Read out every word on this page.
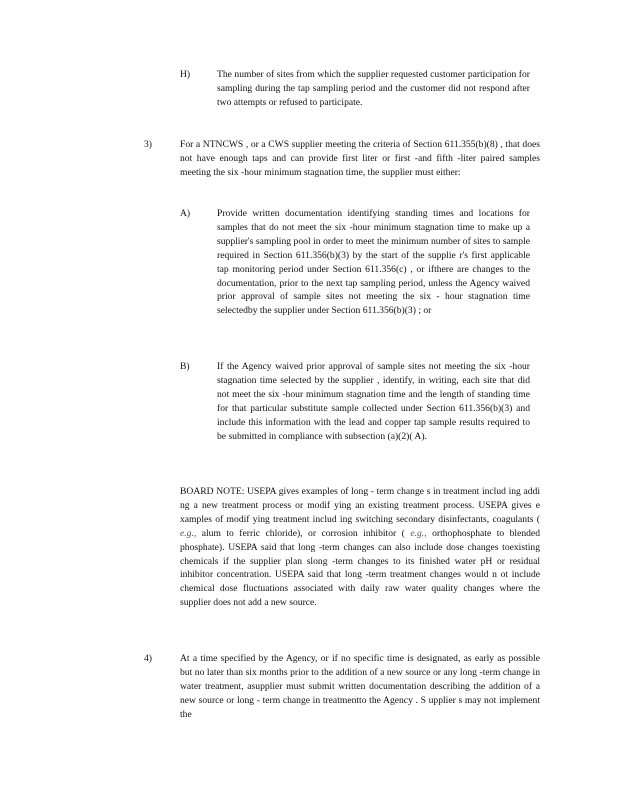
H)	The number of sites from which the supplier requested customer participation for sampling during the tap sampling period and the customer did not respond after two attempts or refused to participate.
3)	For a NTNCWS , or a CWS supplier meeting the criteria of Section 611.355(b)(8) , that does not have enough taps and can provide first liter or first -and fifth -liter paired samples meeting the six -hour minimum stagnation time, the supplier must either:
A)	Provide written documentation identifying standing times and locations for samples that do not meet the six -hour minimum stagnation time to make up a supplier's sampling pool in order to meet the minimum number of sites to sample required in Section 611.356(b)(3) by the start of the supplie r's first applicable tap monitoring period under Section 611.356(c) , or ifthere are changes to the documentation, prior to the next tap sampling period, unless the Agency waived prior approval of sample sites not meeting the six - hour stagnation time selectedby the supplier under Section 611.356(b)(3) ; or
B)	If the Agency waived prior approval of sample sites not meeting the six -hour stagnation time selected by the supplier , identify, in writing, each site that did not meet the six -hour minimum stagnation time and the length of standing time for that particular substitute sample collected under Section 611.356(b)(3) and include this information with the lead and copper tap sample results required to be submitted in compliance with subsection (a)(2)( A).
BOARD NOTE: USEPA gives examples of long - term change s in treatment includ ing addi ng a new treatment process or modif ying an existing treatment process. USEPA gives e xamples of modif ying treatment includ ing switching secondary disinfectants, coagulants ( e.g., alum to ferric chloride), or corrosion inhibitor ( e.g., orthophosphate to blended phosphate). USEPA said that long -term changes can also include dose changes toexisting chemicals if the supplier plan slong -term changes to its finished water pH or residual inhibitor concentration. USEPA said that long -term treatment changes would n ot include chemical dose fluctuations associated with daily raw water quality changes where the supplier does not add a new source.
4)	At a time specified by the Agency, or if no specific time is designated, as early as possible but no later than six months prior to the addition of a new source or any long -term change in water treatment, asupplier must submit written documentation describing the addition of a new source or long - term change in treatmentto the Agency . S upplier s may not implement the
